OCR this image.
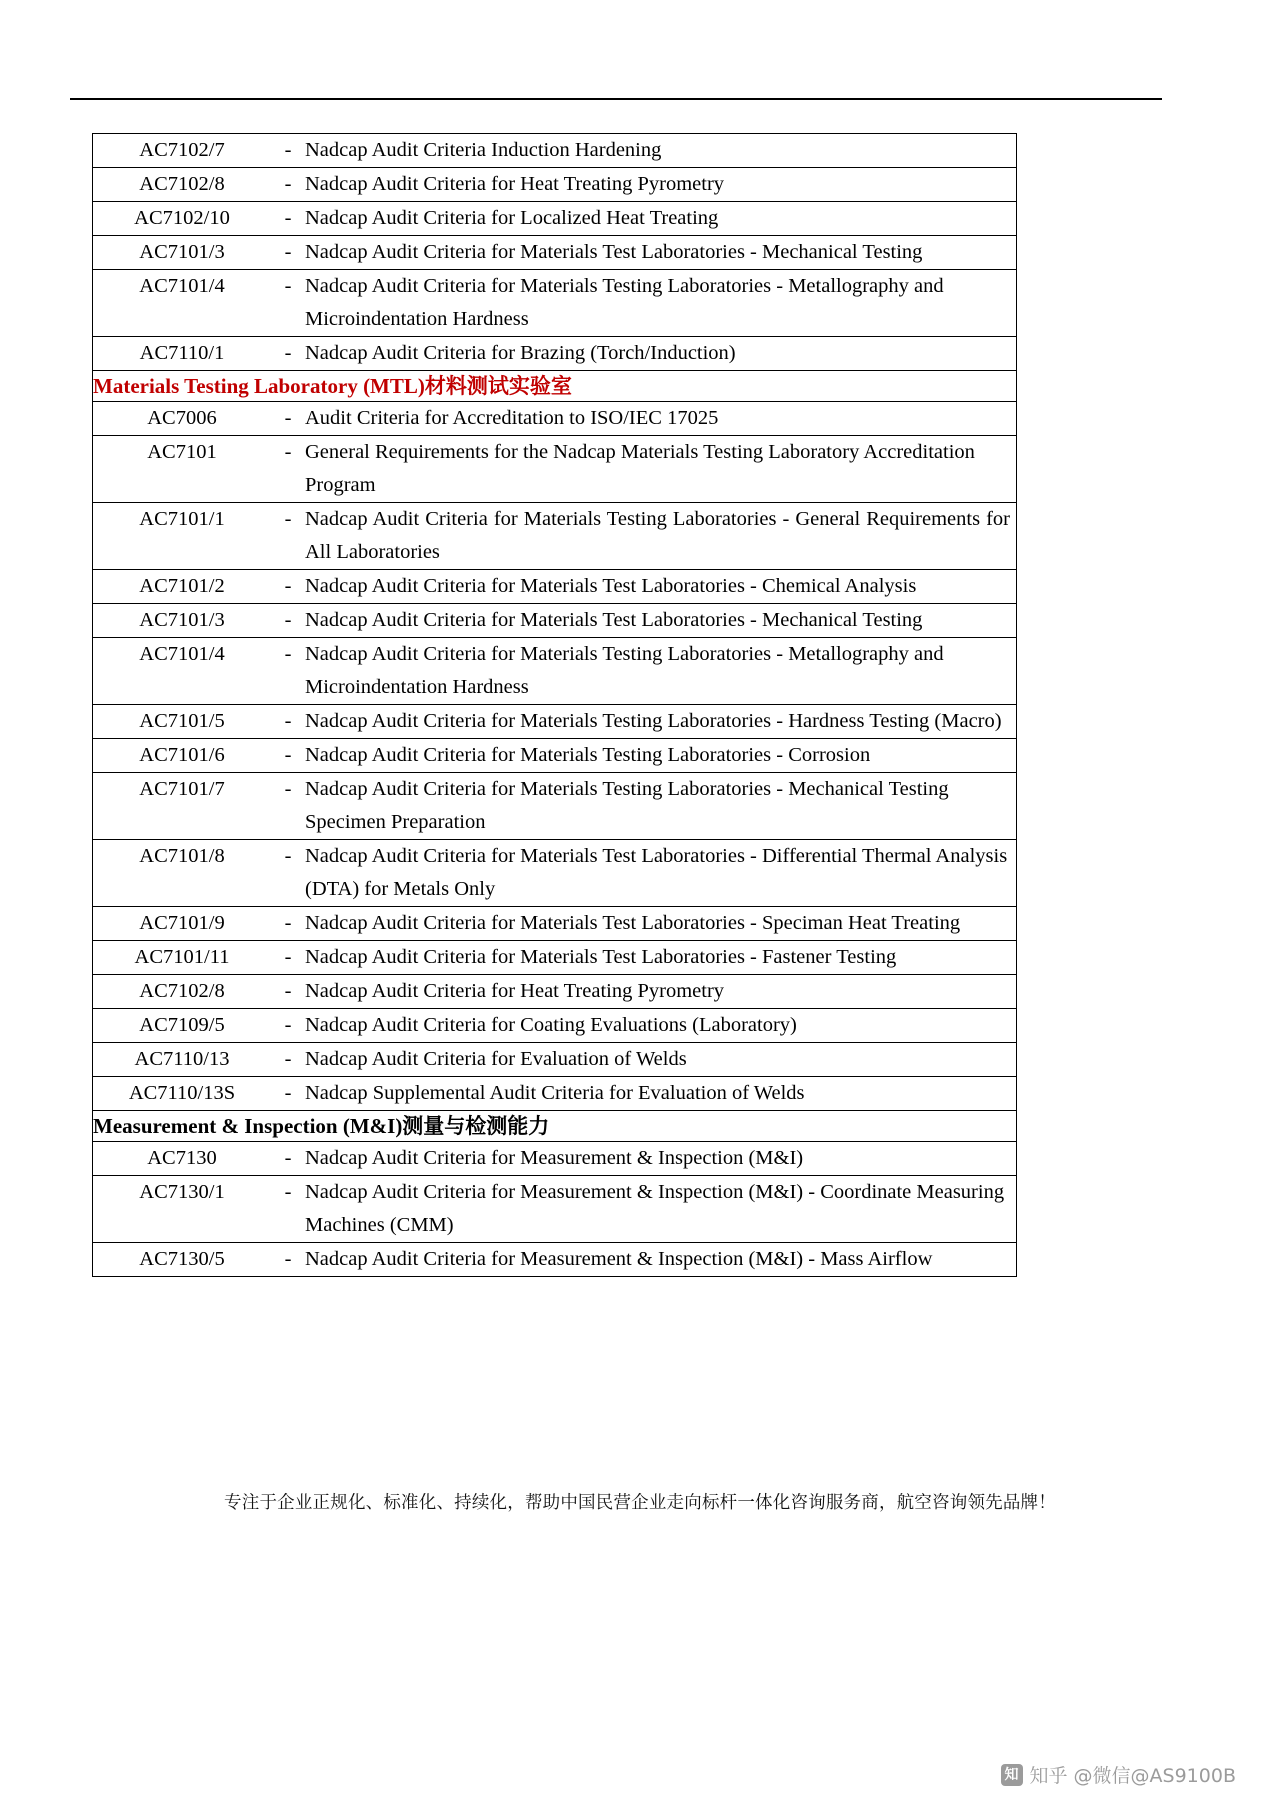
AC7102/7	- Nadcap Audit Criteria Induction Hardening

AC7102/8	- Nadcap Audit Criteria for Heat Treating Pyrometry

AC7102/10	- Nadcap Audit Criteria for Localized Heat Treating

AC7101/3	- Nadcap Audit Criteria for Materials Test Laboratories - Mechanical Testing

AC7101/4	- Nadcap Audit Criteria for Materials Testing Laboratories - Metallography and Microindentation Hardness

AC7110/1	- Nadcap Audit Criteria for Brazing (Torch/Induction)

Materials Testing Laboratory (MTL)材料测试实验室

AC7006	- Audit Criteria for Accreditation to ISO/IEC 17025

AC7101	- General Requirements for the Nadcap Materials Testing Laboratory Accreditation Program

AC7101/1	- Nadcap Audit Criteria for Materials Testing Laboratories - General Requirements for All Laboratories

AC7101/2	- Nadcap Audit Criteria for Materials Test Laboratories - Chemical Analysis

AC7101/3	- Nadcap Audit Criteria for Materials Test Laboratories - Mechanical Testing

AC7101/4	- Nadcap Audit Criteria for Materials Testing Laboratories - Metallography and Microindentation Hardness

AC7101/5	- Nadcap Audit Criteria for Materials Testing Laboratories - Hardness Testing (Macro)

AC7101/6	- Nadcap Audit Criteria for Materials Testing Laboratories - Corrosion

AC7101/7	- Nadcap Audit Criteria for Materials Testing Laboratories - Mechanical Testing Specimen Preparation

AC7101/8	- Nadcap Audit Criteria for Materials Test Laboratories - Differential Thermal Analysis (DTA) for Metals Only

AC7101/9	- Nadcap Audit Criteria for Materials Test Laboratories - Speciman Heat Treating

AC7101/11	- Nadcap Audit Criteria for Materials Test Laboratories - Fastener Testing

AC7102/8	- Nadcap Audit Criteria for Heat Treating Pyrometry

AC7109/5	- Nadcap Audit Criteria for Coating Evaluations (Laboratory)

AC7110/13	- Nadcap Audit Criteria for Evaluation of Welds

AC7110/13S	- Nadcap Supplemental Audit Criteria for Evaluation of Welds

Measurement & Inspection (M&I)测量与检测能力

AC7130	- Nadcap Audit Criteria for Measurement & Inspection (M&I)

AC7130/1	- Nadcap Audit Criteria for Measurement & Inspection (M&I) - Coordinate Measuring Machines (CMM)

AC7130/5	- Nadcap Audit Criteria for Measurement & Inspection (M&I) - Mass Airflow
专注于企业正规化、标准化、持续化，帮助中国民营企业走向标杆一体化咨询服务商，航空咨询领先品牌！
知 知乎 @微信@AS9100B
